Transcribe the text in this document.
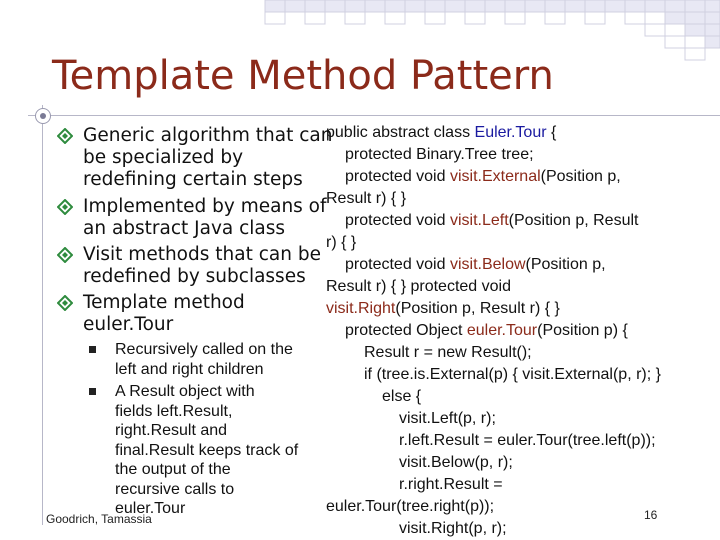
Template Method Pattern
Generic algorithm that can
be specialized by
redefining certain steps
Implemented by means of
an abstract Java class
Visit methods that can be
redefined by subclasses
Template method
euler.Tour
Recursively called on the
left and right children
A Result object with
fields left.Result,
right.Result and
final.Result keeps track of
the output of the
recursive calls to
euler.Tour
public abstract class Euler.Tour {
protected Binary.Tree tree;
protected void visit.External(Position p,
Result r) { }
protected void visit.Left(Position p, Result
r) { }
protected void visit.Below(Position p,
Result r) { } protected void
visit.Right(Position p, Result r) { }
protected Object euler.Tour(Position p) {
Result r = new Result();
if (tree.is.External(p) { visit.External(p, r); }
else {
visit.Left(p, r);
r.left.Result = euler.Tour(tree.left(p));
visit.Below(p, r);
r.right.Result =
euler.Tour(tree.right(p));
visit.Right(p, r);
Goodrich, Tamassia	16
